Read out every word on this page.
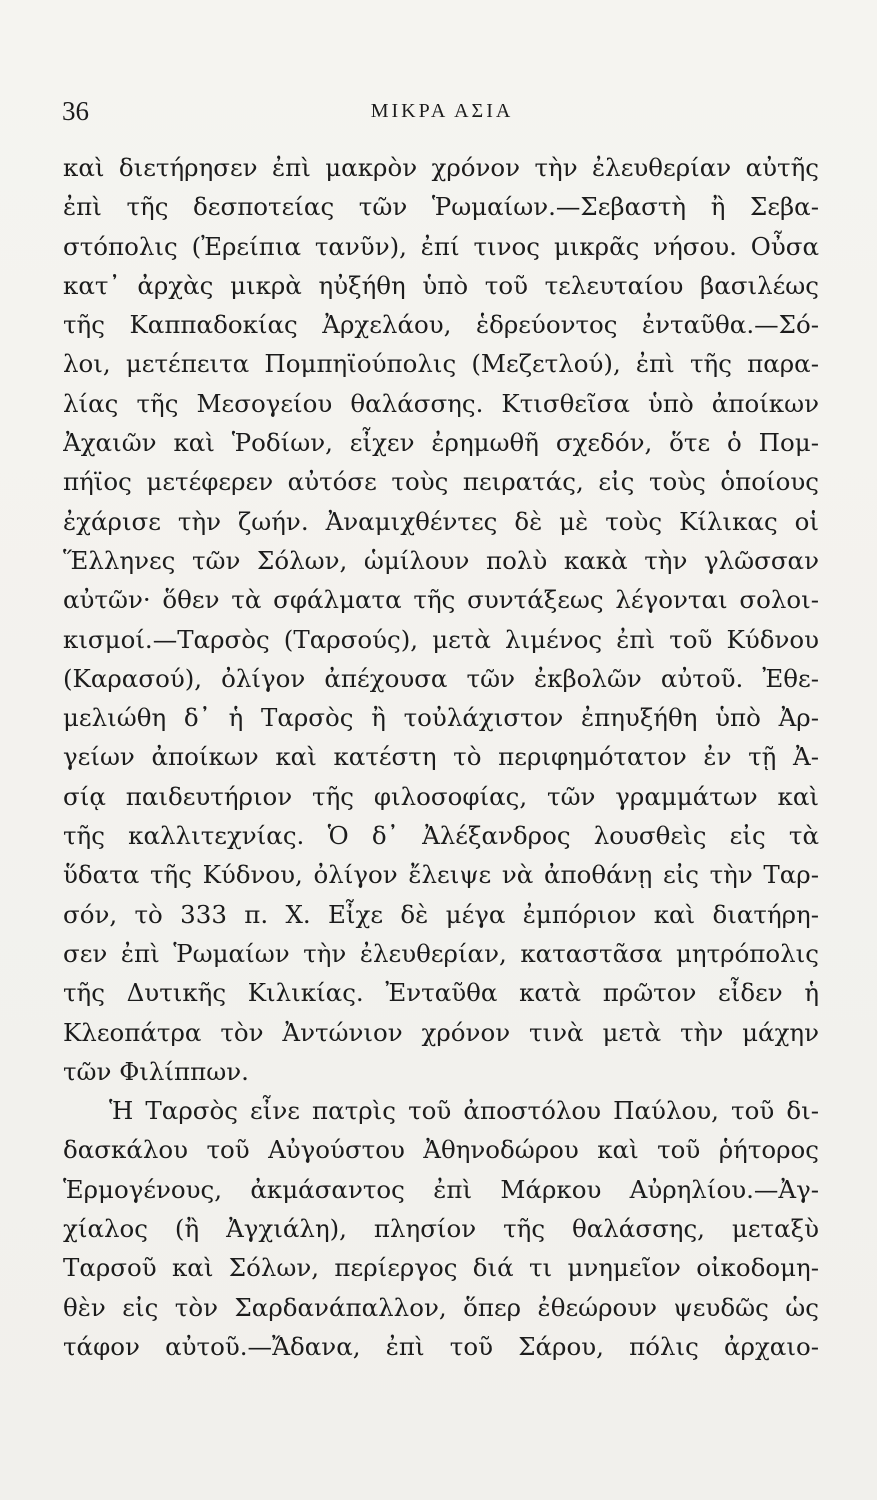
36	ΜΙΚΡΑ ΑΣΙΑ
καὶ διετήρησεν ἐπὶ μακρὸν χρόνον τὴν ἐλευθερίαν αὐτῆς
ἐπὶ τῆς δεσποτείας τῶν Ῥωμαίων.—Σεβαστὴ ἢ Σεβα-
στόπολις (Ἐρείπια τανῦν), ἐπί τινος μικρᾶς νήσου. Οὖσα
κατ᾽ ἀρχὰς μικρὰ ηὐξήθη ὑπὸ τοῦ τελευταίου βασιλέως
τῆς Καππαδοκίας Ἀρχελάου, ἑδρεύοντος ἐνταῦθα.—Σό-
λοι, μετέπειτα Πομπηϊούπολις (Μεζετλού), ἐπὶ τῆς παρα-
λίας τῆς Μεσογείου θαλάσσης. Κτισθεῖσα ὑπὸ ἀποίκων
Ἀχαιῶν καὶ Ῥοδίων, εἶχεν ἐρημωθῆ σχεδόν, ὅτε ὁ Πομ-
πήϊος μετέφερεν αὐτόσε τοὺς πειρατάς, εἰς τοὺς ὁποίους
ἐχάρισε τὴν ζωήν. Ἀναμιχθέντες δὲ μὲ τοὺς Κίλικας οἱ
Ἕλληνες τῶν Σόλων, ὡμίλουν πολὺ κακὰ τὴν γλῶσσαν
αὐτῶν· ὅθεν τὰ σφάλματα τῆς συντάξεως λέγονται σολοι-
κισμοί.—Ταρσὸς (Ταρσούς), μετὰ λιμένος ἐπὶ τοῦ Κύδνου
(Καρασού), ὀλίγον ἀπέχουσα τῶν ἐκβολῶν αὐτοῦ. Ἐθε-
μελιώθη δ᾽ ἡ Ταρσὸς ἢ τοὐλάχιστον ἐπηυξήθη ὑπὸ Ἀρ-
γείων ἀποίκων καὶ κατέστη τὸ περιφημότατον ἐν τῇ Ἀ-
σίᾳ παιδευτήριον τῆς φιλοσοφίας, τῶν γραμμάτων καὶ
τῆς καλλιτεχνίας. Ὁ δ᾽ Ἀλέξανδρος λουσθεὶς εἰς τὰ
ὕδατα τῆς Κύδνου, ὀλίγον ἔλειψε νὰ ἀποθάνῃ εἰς τὴν Ταρ-
σόν, τὸ 333 π. Χ. Εἶχε δὲ μέγα ἐμπόριον καὶ διατήρη-
σεν ἐπὶ Ῥωμαίων τὴν ἐλευθερίαν, καταστᾶσα μητρόπολις
τῆς Δυτικῆς Κιλικίας. Ἐνταῦθα κατὰ πρῶτον εἶδεν ἡ
Κλεοπάτρα τὸν Ἀντώνιον χρόνον τινὰ μετὰ τὴν μάχην
τῶν Φιλίππων.
Ἡ Ταρσὸς εἶνε πατρὶς τοῦ ἀποστόλου Παύλου, τοῦ δι-
δασκάλου τοῦ Αὐγούστου Ἀθηνοδώρου καὶ τοῦ ῥήτορος
Ἑρμογένους, ἀκμάσαντος ἐπὶ Μάρκου Αὐρηλίου.—Ἀγ-
χίαλος (ἢ Ἀγχιάλη), πλησίον τῆς θαλάσσης, μεταξὺ
Ταρσοῦ καὶ Σόλων, περίεργος διά τι μνημεῖον οἰκοδομη-
θὲν εἰς τὸν Σαρδανάπαλλον, ὅπερ ἐθεώρουν ψευδῶς ὡς
τάφον αὐτοῦ.—Ἄδανα, ἐπὶ τοῦ Σάρου, πόλις ἀρχαιο-
